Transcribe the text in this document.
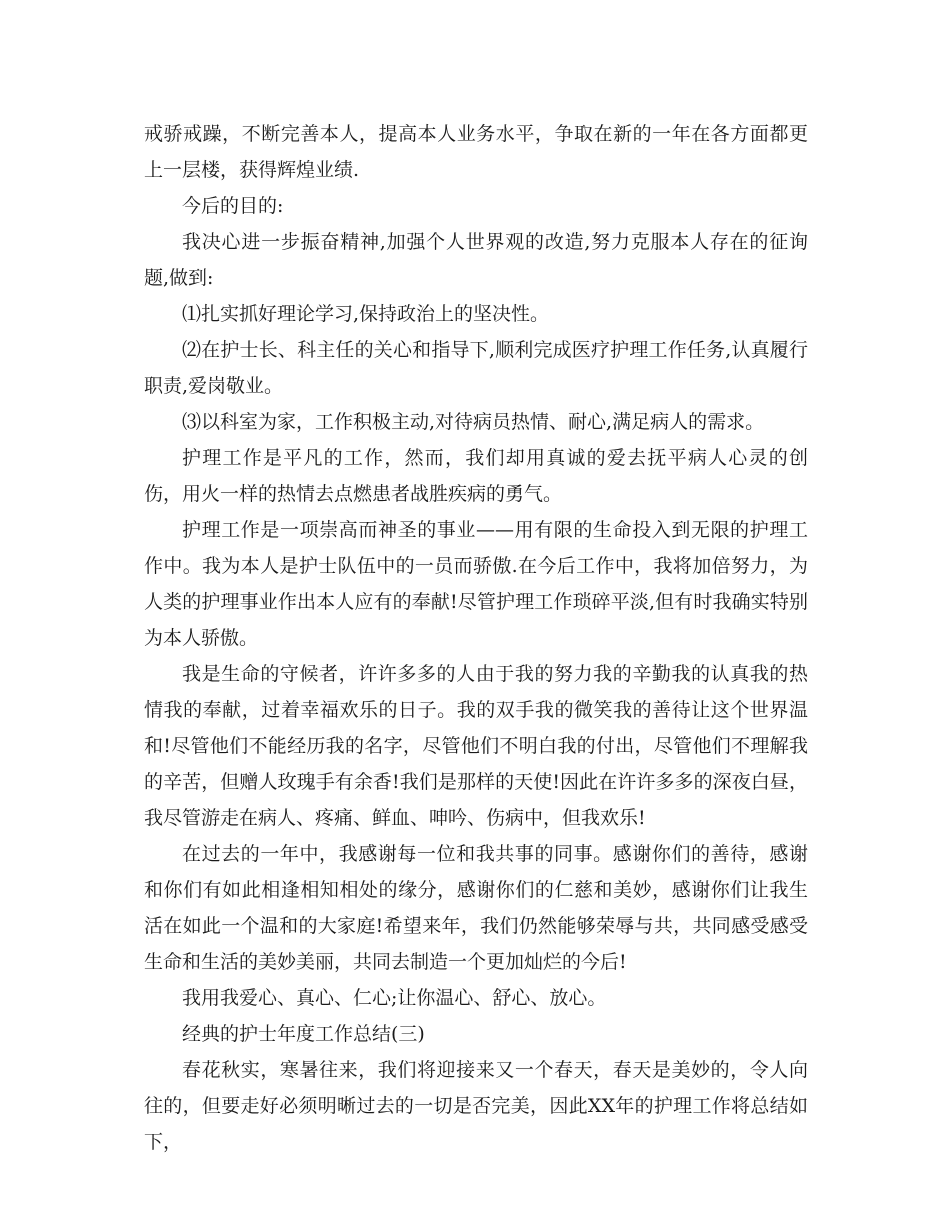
戒骄戒躁，不断完善本人，提高本人业务水平，争取在新的一年在各方面都更上一层楼，获得辉煌业绩.

今后的目的:

我决心进一步振奋精神,加强个人世界观的改造,努力克服本人存在的征询题,做到:

⑴扎实抓好理论学习,保持政治上的坚决性。

⑵在护士长、科主任的关心和指导下,顺利完成医疗护理工作任务,认真履行职责,爱岗敬业。

⑶以科室为家，工作积极主动,对待病员热情、耐心,满足病人的需求。

护理工作是平凡的工作，然而，我们却用真诚的爱去抚平病人心灵的创伤，用火一样的热情去点燃患者战胜疾病的勇气。

护理工作是一项崇高而神圣的事业——用有限的生命投入到无限的护理工作中。我为本人是护士队伍中的一员而骄傲.在今后工作中，我将加倍努力，为人类的护理事业作出本人应有的奉献!尽管护理工作琐碎平淡,但有时我确实特别为本人骄傲。

我是生命的守候者，许许多多的人由于我的努力我的辛勤我的认真我的热情我的奉献，过着幸福欢乐的日子。我的双手我的微笑我的善待让这个世界温和!尽管他们不能经历我的名字，尽管他们不明白我的付出，尽管他们不理解我的辛苦，但赠人玫瑰手有余香!我们是那样的天使!因此在许许多多的深夜白昼，我尽管游走在病人、疼痛、鲜血、呻吟、伤病中，但我欢乐!

在过去的一年中，我感谢每一位和我共事的同事。感谢你们的善待，感谢和你们有如此相逢相知相处的缘分，感谢你们的仁慈和美妙，感谢你们让我生活在如此一个温和的大家庭!希望来年，我们仍然能够荣辱与共，共同感受感受生命和生活的美妙美丽，共同去制造一个更加灿烂的今后!

我用我爱心、真心、仁心;让你温心、舒心、放心。

经典的护士年度工作总结(三)

春花秋实，寒暑往来，我们将迎接来又一个春天，春天是美妙的，令人向往的，但要走好必须明晰过去的一切是否完美，因此XX年的护理工作将总结如下，
